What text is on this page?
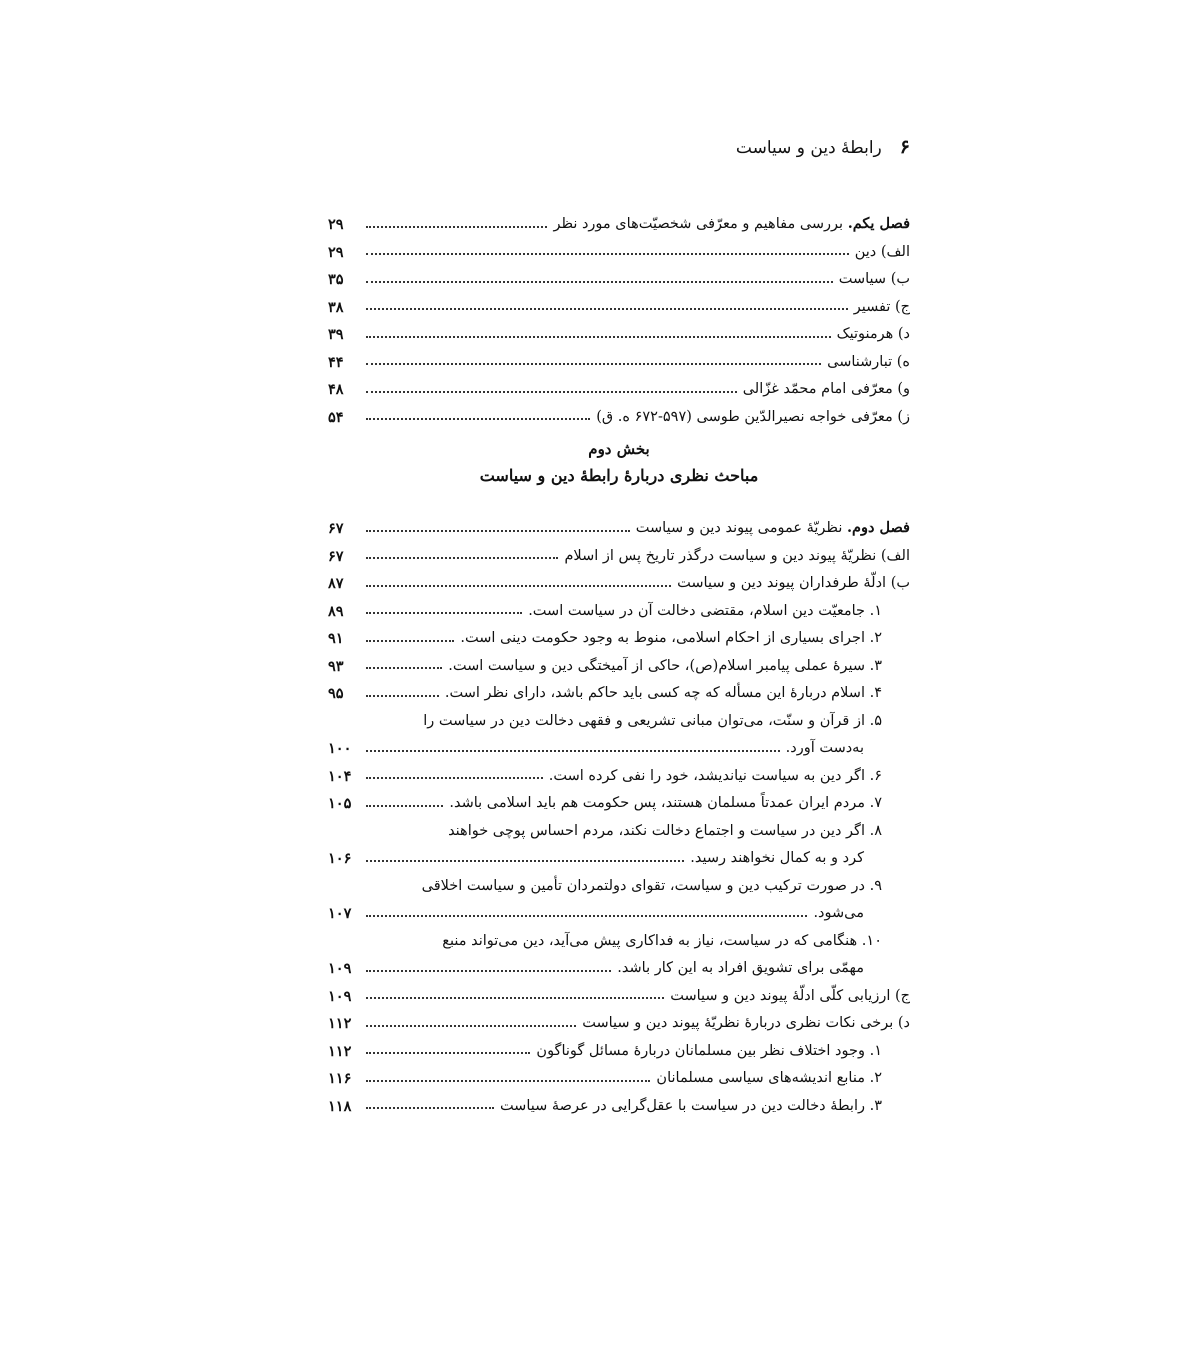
۶
رابطهٔ دین و سیاست
فصل یکم. بررسی مفاهیم و معرّفی شخصیّت‌های مورد نظر
۲۹
الف) دین
۲۹
ب) سیاست
۳۵
ج) تفسیر
۳۸
د) هرمنوتیک
۳۹
ه) تبارشناسی
۴۴
و) معرّفی امام محمّد غزّالی
۴۸
ز) معرّفی خواجه نصیرالدّین طوسی (۵۹۷-۶۷۲ ه. ق)
۵۴
بخش دوم
مباحث نظری دربارهٔ رابطهٔ دین و سیاست
فصل دوم. نظریّهٔ عمومی پیوند دین و سیاست
۶۷
الف) نظریّهٔ پیوند دین و سیاست درگذر تاریخ پس از اسلام
۶۷
ب) ادلّهٔ طرفداران پیوند دین و سیاست
۸۷
۱. جامعیّت دین اسلام، مقتضی دخالت آن در سیاست است.
۸۹
۲. اجرای بسیاری از احکام اسلامی، منوط به وجود حکومت دینی است.
۹۱
۳. سیرهٔ عملی پیامبر اسلام(ص)، حاکی از آمیختگی دین و سیاست است.
۹۳
۴. اسلام دربارهٔ این مسأله که چه کسی باید حاکم باشد، دارای نظر است.
۹۵
۵. از قرآن و سنّت، می‌توان مبانی تشریعی و فقهی دخالت دین در سیاست را
به‌دست آورد.
۱۰۰
۶. اگر دین به سیاست نیاندیشد، خود را نفی کرده است.
۱۰۴
۷. مردم ایران عمدتاً مسلمان هستند، پس حکومت هم باید اسلامی باشد.
۱۰۵
۸. اگر دین در سیاست و اجتماع دخالت نکند، مردم احساس پوچی خواهند
کرد و به کمال نخواهند رسید.
۱۰۶
۹. در صورت ترکیب دین و سیاست، تقوای دولتمردان تأمین و سیاست اخلاقی
می‌شود.
۱۰۷
۱۰. هنگامی که در سیاست، نیاز به فداکاری پیش می‌آید، دین می‌تواند منبع
مهمّی برای تشویق افراد به این کار باشد.
۱۰۹
ج) ارزیابی کلّی ادلّهٔ پیوند دین و سیاست
۱۰۹
د) برخی نکات نظری دربارهٔ نظریّهٔ پیوند دین و سیاست
۱۱۲
۱. وجود اختلاف نظر بین مسلمانان دربارهٔ مسائل گوناگون
۱۱۲
۲. منابع اندیشه‌های سیاسی مسلمانان
۱۱۶
۳. رابطهٔ دخالت دین در سیاست با عقل‌گرایی در عرصهٔ سیاست
۱۱۸
